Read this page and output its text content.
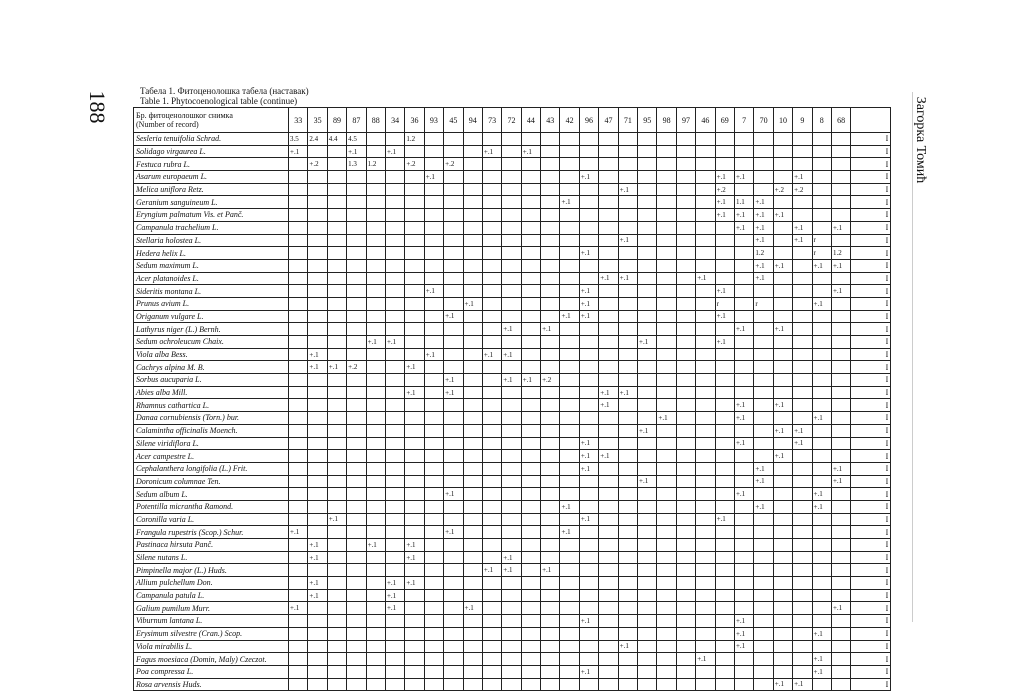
188	Загорка Томић
Табела 1. Фитоценолошка табела (наставак)
Table 1. Phytocoenological table (continue)
Бр. фитоценолошког снимка
(Number of record)	33	35	89	87	88	34	36	93	45	94	73	72	44	43	42	96	47	71	95	98	97	46	69	7	70	10	9	8	68	
Sesleria tenuifolia Schrad.	3.5	2.4	4.4	4.5			1.2																							I
Solidago virgaurea L.	+.1			+.1		+.1					+.1		+.1																	I
Festuca rubra L.		+.2		1.3	1.2		+.2		+.2																					I
Asarum europaeum L.								+.1								+.1							+.1	+.1			+.1			I
Melica uniflora Retz.																		+.1					+.2			+.2	+.2			I
Geranium sanguineum L.															+.1								+.1	1.1	+.1					I
Eryngium palmatum Vis. et Panč.																							+.1	+.1	+.1	+.1				I
Campanula trachelium L.																								+.1	+.1		+.1		+.1	I
Stellaria holostea L.																		+.1							+.1		+.1	r		I
Hedera helix L.																+.1									1.2			r	1.2	I
Sedum maximum L.																									+.1	+.1		+.1	+.1	I
Acer platanoides L.																	+.1	+.1				+.1			+.1					I
Sideritis montana L.								+.1								+.1							+.1						+.1	I
Prunus avium L.										+.1						+.1							r		r			+.1		I
Origanum vulgare L.									+.1						+.1	+.1							+.1							I
Lathyrus niger (L.) Bernh.												+.1		+.1										+.1		+.1				I
Sedum ochroleucum Chaix.					+.1	+.1													+.1				+.1							I
Viola alba Bess.		+.1						+.1			+.1	+.1																		I
Cachrys alpina M. B.		+.1	+.1	+.2			+.1																							I
Sorbus aucuparia L.									+.1			+.1	+.1	+.2																I
Abies alba Mill.							+.1		+.1								+.1	+.1												I
Rhamnus cathartica L.																	+.1							+.1		+.1				I
Danaa cornubiensis (Torn.) bur.																				+.1				+.1				+.1		I
Calamintha officinalis Moench.																			+.1							+.1	+.1			I
Silene viridiflora L.																+.1								+.1			+.1			I
Acer campestre L.																+.1	+.1									+.1				I
Cephalanthera longifolia (L.) Frit.																+.1									+.1				+.1	I
Doronicum columnae Ten.																			+.1						+.1				+.1	I
Sedum album L.									+.1															+.1				+.1		I
Potentilla micrantha Ramond.															+.1										+.1			+.1		I
Coronilla varia L.			+.1													+.1							+.1							I
Frangula rupestris (Scop.) Schur.	+.1								+.1						+.1															I
Pastinaca hirsuta Panč.		+.1			+.1		+.1																							I
Silene nutans L.		+.1					+.1					+.1																		I
Pimpinella major (L.) Huds.											+.1	+.1		+.1																I
Allium pulchellum Don.		+.1				+.1	+.1																							I
Campanula patula L.		+.1				+.1																								I
Galium pumilum Murr.	+.1					+.1				+.1																			+.1	I
Viburnum lantana L.																+.1								+.1						I
Erysimum silvestre (Cran.) Scop.																								+.1				+.1		I
Viola mirabilis L.																		+.1						+.1						I
Fagus moesiaca (Domin, Maly) Czeczot.																						+.1						+.1		I
Poa compressa L.																+.1												+.1		I
Rosa arvensis Huds.																										+.1	+.1			I
